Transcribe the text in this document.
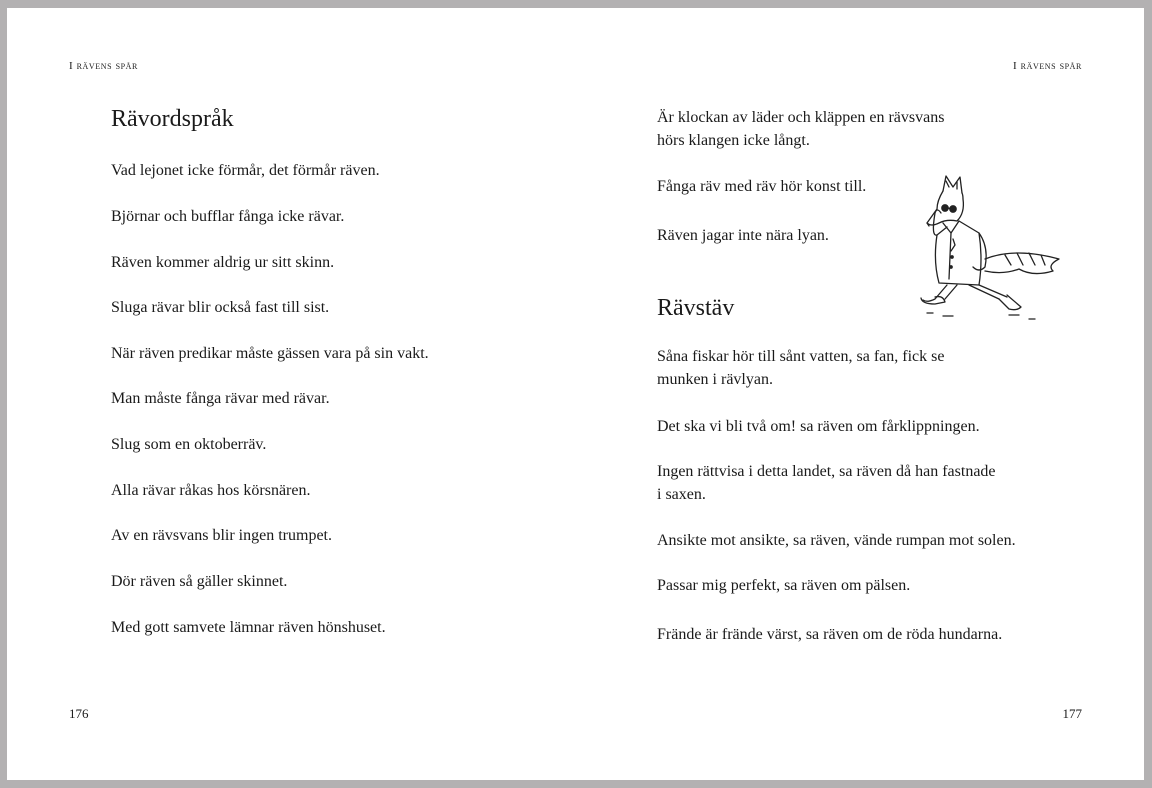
I rävens spår	I rävens spår
Rävordspråk

Vad lejonet icke förmår, det förmår räven.

Björnar och bufflar fånga icke rävar.

Räven kommer aldrig ur sitt skinn.

Sluga rävar blir också fast till sist.

När räven predikar måste gässen vara på sin vakt.

Man måste fånga rävar med rävar.

Slug som en oktoberräv.

Alla rävar råkas hos körsnären.

Av en rävsvans blir ingen trumpet.

Dör räven så gäller skinnet.

Med gott samvete lämnar räven hönshuset.

Är klockan av läder och kläppen en rävsvans
hörs klangen icke långt.

Fånga räv med räv hör konst till.

Räven jagar inte nära lyan.

Rävstäv

Såna fiskar hör till sånt vatten, sa fan, fick se
munken i rävlyan.

Det ska vi bli två om! sa räven om fårklippningen.

Ingen rättvisa i detta landet, sa räven då han fastnade
i saxen.

Ansikte mot ansikte, sa räven, vände rumpan mot solen.

Passar mig perfekt, sa räven om pälsen.

Frände är frände värst, sa räven om de röda hundarna.

176	177
